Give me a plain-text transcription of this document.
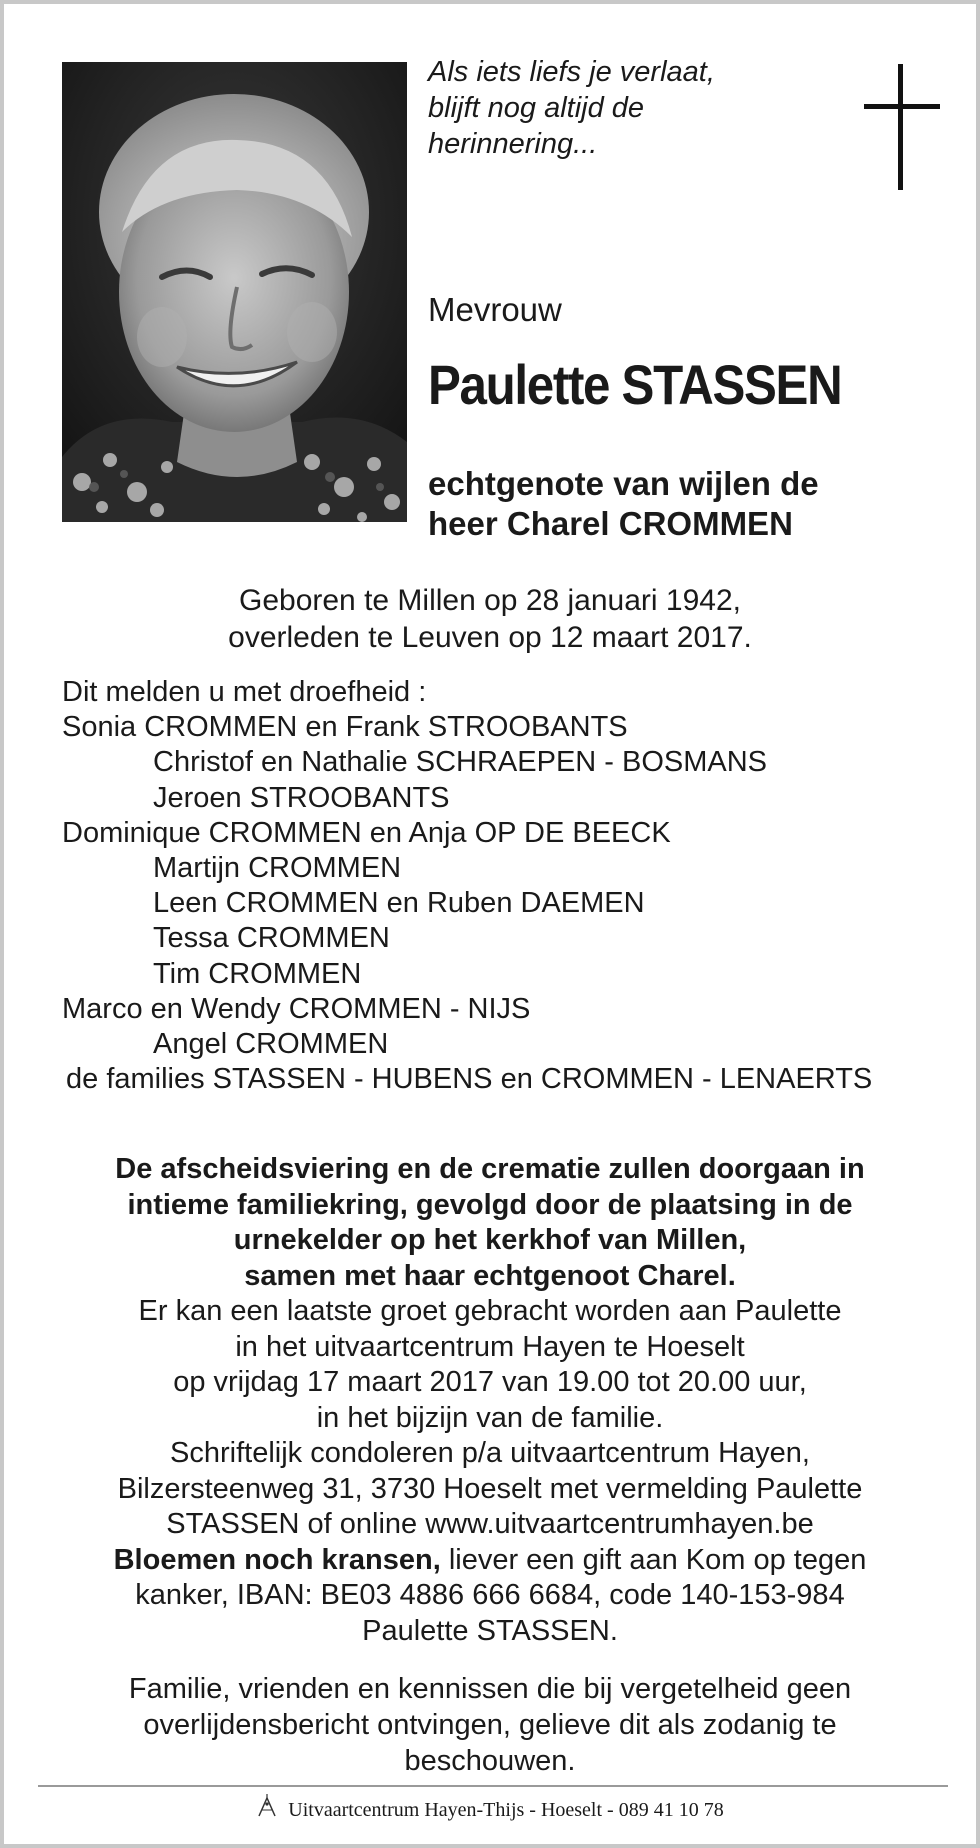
Als iets liefs je verlaat,
blijft nog altijd de
herinnering...
Mevrouw
Paulette STASSEN
echtgenote van wijlen de
heer Charel CROMMEN
Geboren te Millen op 28 januari 1942,
overleden te Leuven op 12 maart 2017.
Dit melden u met droefheid :
Sonia CROMMEN en Frank STROOBANTS
Christof en Nathalie SCHRAEPEN - BOSMANS
Jeroen STROOBANTS
Dominique CROMMEN en Anja OP DE BEECK
Martijn CROMMEN
Leen CROMMEN en Ruben DAEMEN
Tessa CROMMEN
Tim CROMMEN
Marco en Wendy CROMMEN - NIJS
Angel CROMMEN
de families STASSEN - HUBENS en CROMMEN - LENAERTS
De afscheidsviering en de crematie zullen doorgaan in
intieme familiekring, gevolgd door de plaatsing in de
urnekelder op het kerkhof van Millen,
samen met haar echtgenoot Charel.
Er kan een laatste groet gebracht worden aan Paulette
in het uitvaartcentrum Hayen te Hoeselt
op vrijdag 17 maart 2017 van 19.00 tot 20.00 uur,
in het bijzijn van de familie.
Schriftelijk condoleren p/a uitvaartcentrum Hayen,
Bilzersteenweg 31, 3730 Hoeselt met vermelding Paulette
STASSEN of online www.uitvaartcentrumhayen.be
Bloemen noch kransen, liever een gift aan Kom op tegen
kanker, IBAN: BE03 4886 666 6684, code 140-153-984
Paulette STASSEN.
Familie, vrienden en kennissen die bij vergetelheid geen
overlijdensbericht ontvingen, gelieve dit als zodanig te
beschouwen.
Uitvaartcentrum Hayen-Thijs - Hoeselt - 089 41 10 78
